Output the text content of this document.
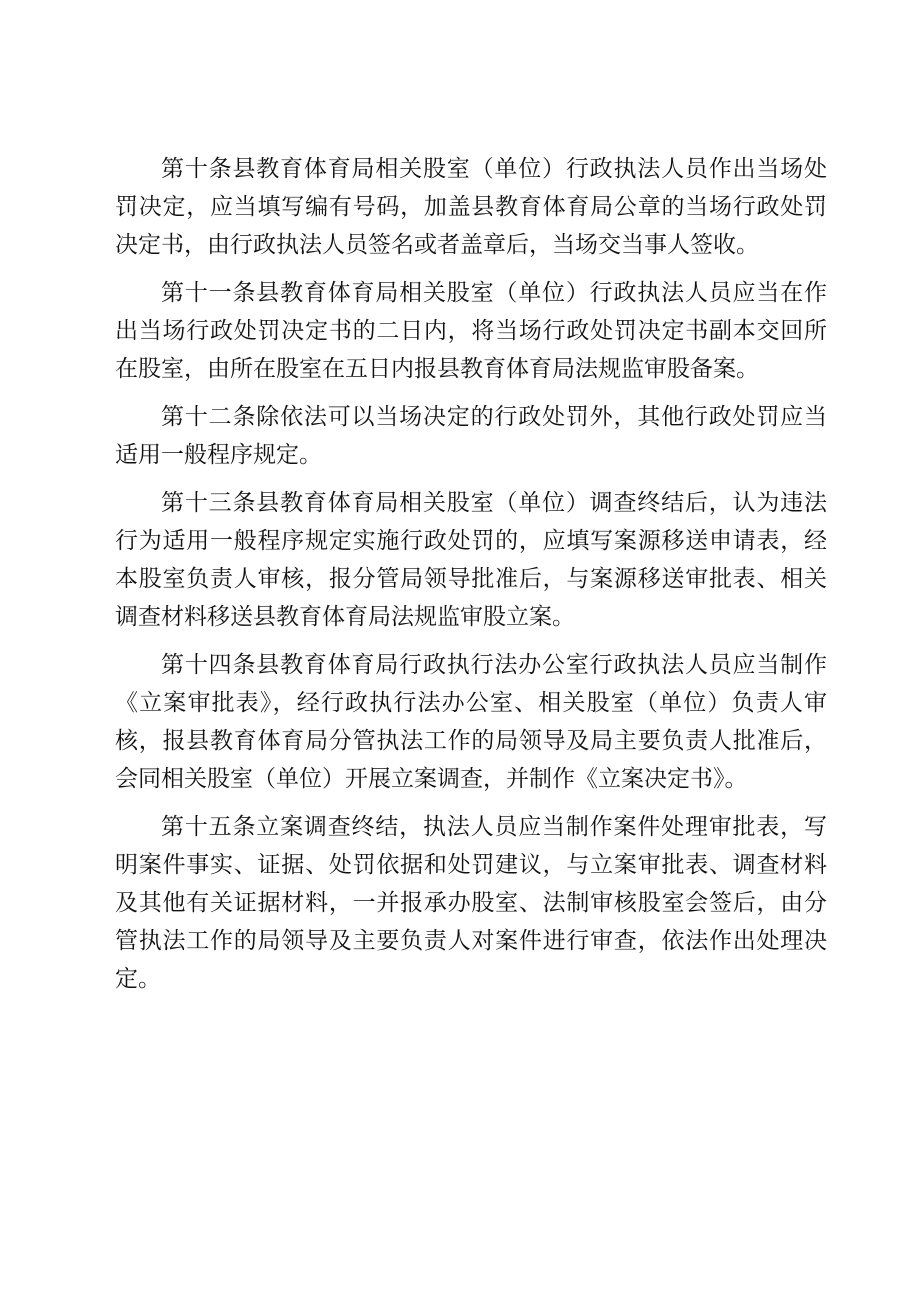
第十条县教育体育局相关股室（单位）行政执法人员作出当场处罚决定，应当填写编有号码，加盖县教育体育局公章的当场行政处罚决定书，由行政执法人员签名或者盖章后，当场交当事人签收。

第十一条县教育体育局相关股室（单位）行政执法人员应当在作出当场行政处罚决定书的二日内，将当场行政处罚决定书副本交回所在股室，由所在股室在五日内报县教育体育局法规监审股备案。

第十二条除依法可以当场决定的行政处罚外，其他行政处罚应当适用一般程序规定。

第十三条县教育体育局相关股室（单位）调查终结后，认为违法行为适用一般程序规定实施行政处罚的，应填写案源移送申请表，经本股室负责人审核，报分管局领导批准后，与案源移送审批表、相关调查材料移送县教育体育局法规监审股立案。

第十四条县教育体育局行政执行法办公室行政执法人员应当制作《立案审批表》，经行政执行法办公室、相关股室（单位）负责人审核，报县教育体育局分管执法工作的局领导及局主要负责人批准后，会同相关股室（单位）开展立案调查，并制作《立案决定书》。

第十五条立案调查终结，执法人员应当制作案件处理审批表，写明案件事实、证据、处罚依据和处罚建议，与立案审批表、调查材料及其他有关证据材料，一并报承办股室、法制审核股室会签后，由分管执法工作的局领导及主要负责人对案件进行审查，依法作出处理决定。
